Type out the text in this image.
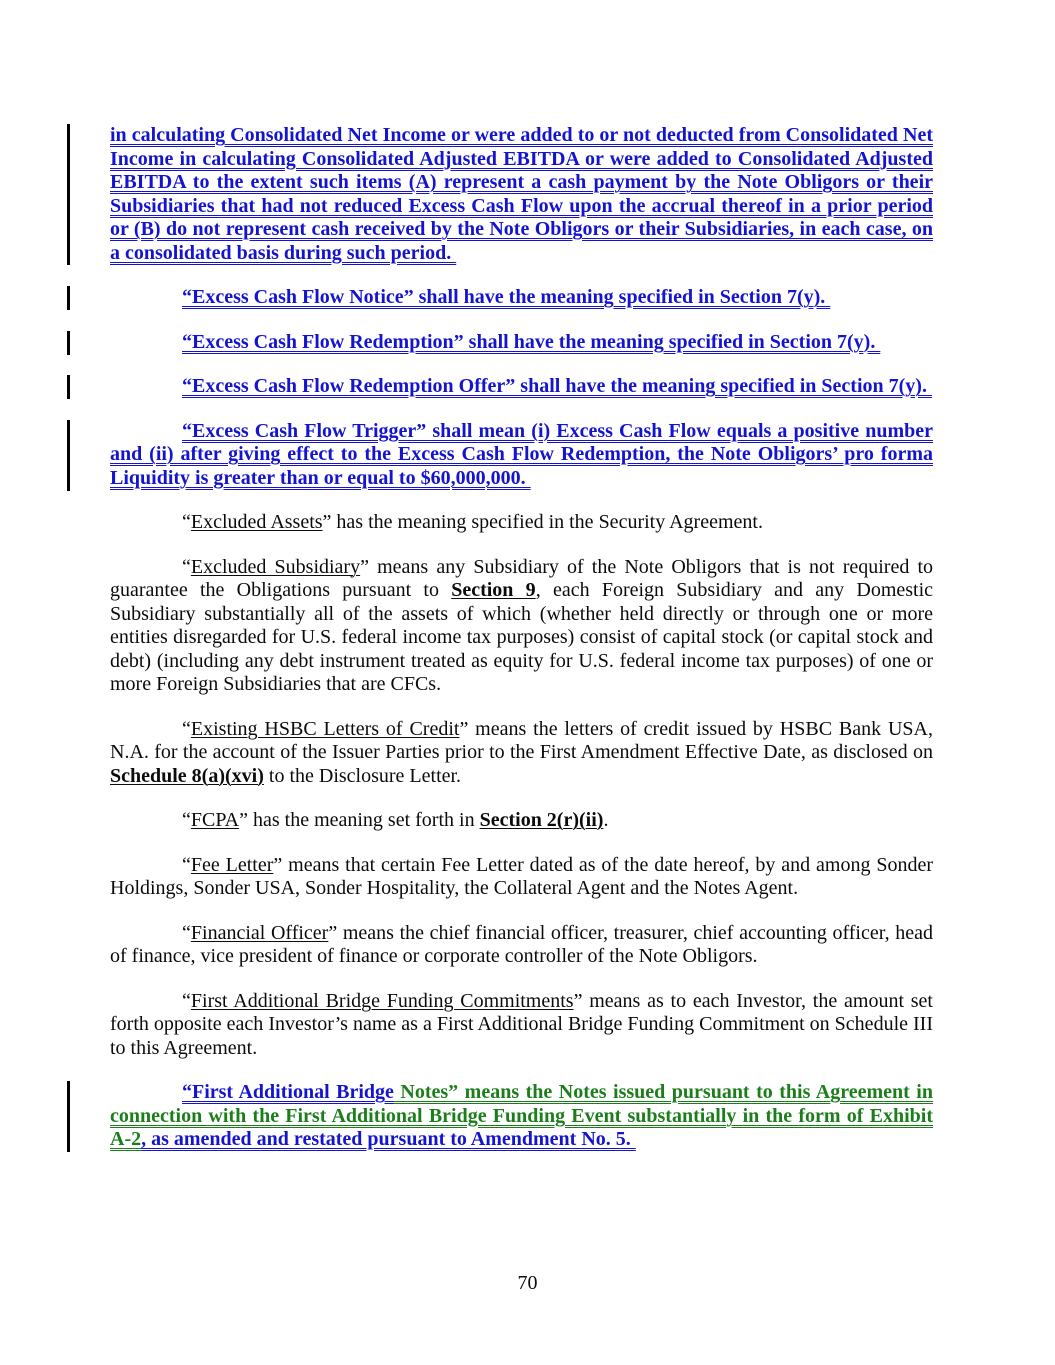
in calculating Consolidated Net Income or were added to or not deducted from Consolidated Net Income in calculating Consolidated Adjusted EBITDA or were added to Consolidated Adjusted EBITDA to the extent such items (A) represent a cash payment by the Note Obligors or their Subsidiaries that had not reduced Excess Cash Flow upon the accrual thereof in a prior period or (B) do not represent cash received by the Note Obligors or their Subsidiaries, in each case, on a consolidated basis during such period.

“Excess Cash Flow Notice” shall have the meaning specified in Section 7(y).

“Excess Cash Flow Redemption” shall have the meaning specified in Section 7(y).

“Excess Cash Flow Redemption Offer” shall have the meaning specified in Section 7(y).

“Excess Cash Flow Trigger” shall mean (i) Excess Cash Flow equals a positive number and (ii) after giving effect to the Excess Cash Flow Redemption, the Note Obligors’ pro forma Liquidity is greater than or equal to $60,000,000.

“Excluded Assets” has the meaning specified in the Security Agreement.

“Excluded Subsidiary” means any Subsidiary of the Note Obligors that is not required to guarantee the Obligations pursuant to Section 9, each Foreign Subsidiary and any Domestic Subsidiary substantially all of the assets of which (whether held directly or through one or more entities disregarded for U.S. federal income tax purposes) consist of capital stock (or capital stock and debt) (including any debt instrument treated as equity for U.S. federal income tax purposes) of one or more Foreign Subsidiaries that are CFCs.

“Existing HSBC Letters of Credit” means the letters of credit issued by HSBC Bank USA, N.A. for the account of the Issuer Parties prior to the First Amendment Effective Date, as disclosed on Schedule 8(a)(xvi) to the Disclosure Letter.

“FCPA” has the meaning set forth in Section 2(r)(ii).

“Fee Letter” means that certain Fee Letter dated as of the date hereof, by and among Sonder Holdings, Sonder USA, Sonder Hospitality, the Collateral Agent and the Notes Agent.

“Financial Officer” means the chief financial officer, treasurer, chief accounting officer, head of finance, vice president of finance or corporate controller of the Note Obligors.

“First Additional Bridge Funding Commitments” means as to each Investor, the amount set forth opposite each Investor’s name as a First Additional Bridge Funding Commitment on Schedule III to this Agreement.

“First Additional Bridge Notes” means the Notes issued pursuant to this Agreement in connection with the First Additional Bridge Funding Event substantially in the form of Exhibit A-2, as amended and restated pursuant to Amendment No. 5.

70
